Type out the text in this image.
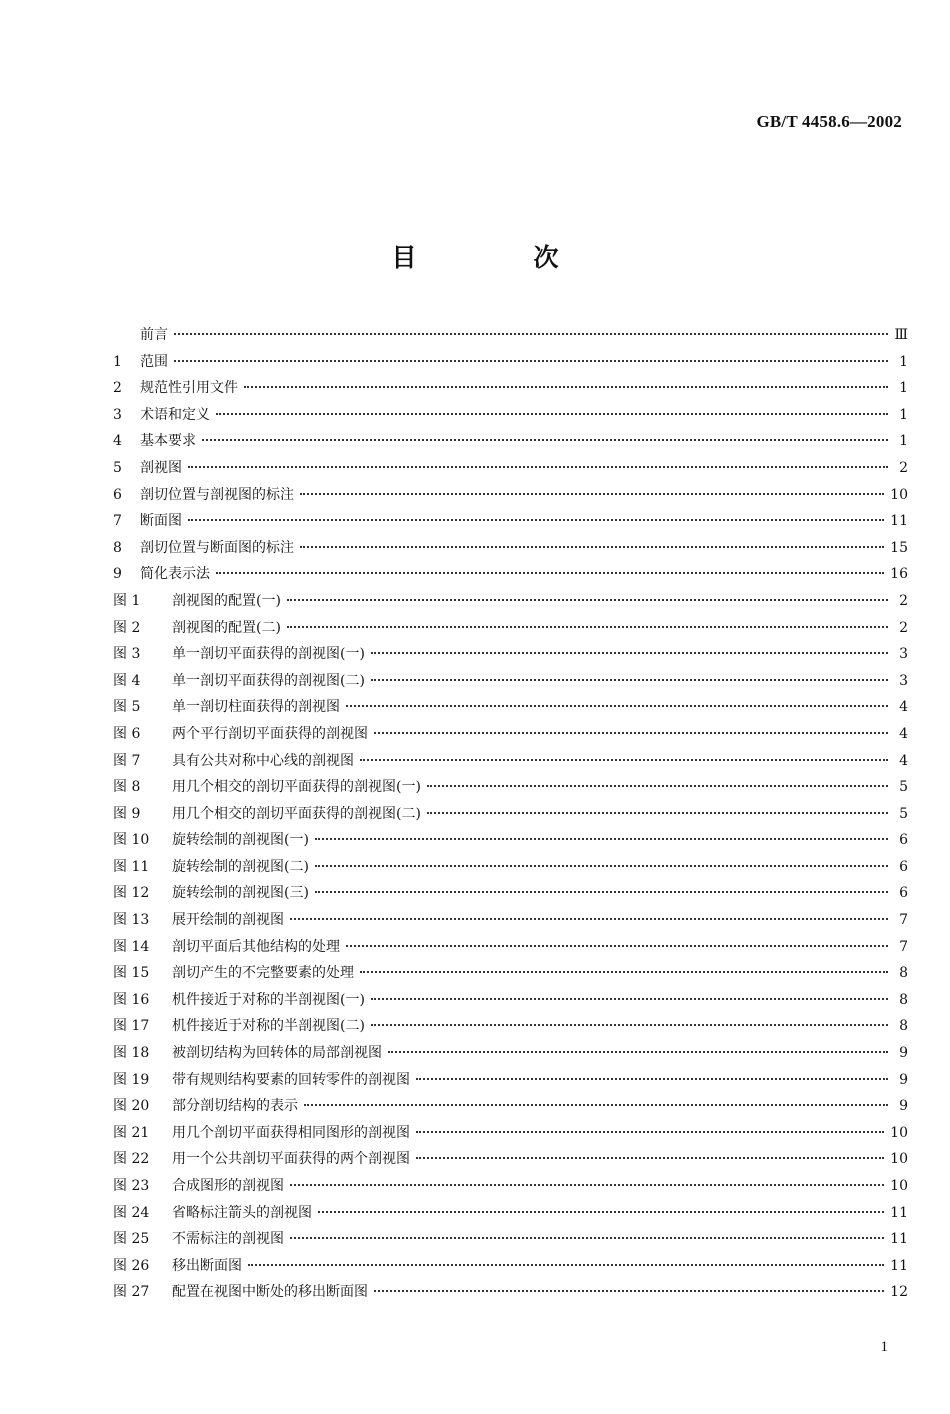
GB/T 4458.6—2002
目　次
前言	Ⅲ
1	范围	1
2	规范性引用文件	1
3	术语和定义	1
4	基本要求	1
5	剖视图	2
6	剖切位置与剖视图的标注	10
7	断面图	11
8	剖切位置与断面图的标注	15
9	简化表示法	16
图 1	剖视图的配置(一)	2
图 2	剖视图的配置(二)	2
图 3	单一剖切平面获得的剖视图(一)	3
图 4	单一剖切平面获得的剖视图(二)	3
图 5	单一剖切柱面获得的剖视图	4
图 6	两个平行剖切平面获得的剖视图	4
图 7	具有公共对称中心线的剖视图	4
图 8	用几个相交的剖切平面获得的剖视图(一)	5
图 9	用几个相交的剖切平面获得的剖视图(二)	5
图 10	旋转绘制的剖视图(一)	6
图 11	旋转绘制的剖视图(二)	6
图 12	旋转绘制的剖视图(三)	6
图 13	展开绘制的剖视图	7
图 14	剖切平面后其他结构的处理	7
图 15	剖切产生的不完整要素的处理	8
图 16	机件接近于对称的半剖视图(一)	8
图 17	机件接近于对称的半剖视图(二)	8
图 18	被剖切结构为回转体的局部剖视图	9
图 19	带有规则结构要素的回转零件的剖视图	9
图 20	部分剖切结构的表示	9
图 21	用几个剖切平面获得相同图形的剖视图	10
图 22	用一个公共剖切平面获得的两个剖视图	10
图 23	合成图形的剖视图	10
图 24	省略标注箭头的剖视图	11
图 25	不需标注的剖视图	11
图 26	移出断面图	11
图 27	配置在视图中断处的移出断面图	12
1
